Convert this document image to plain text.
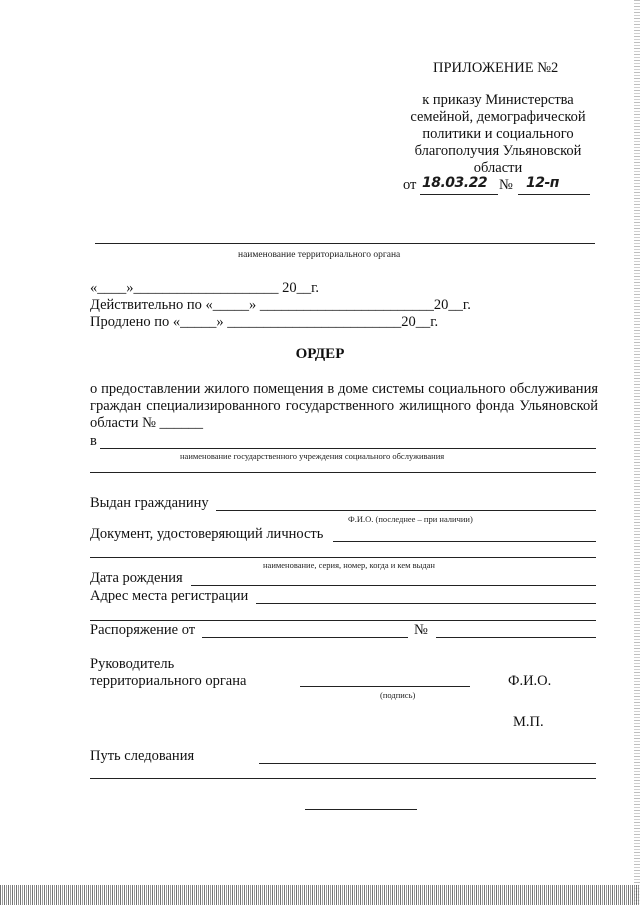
ПРИЛОЖЕНИЕ №2
к приказу Министерства
семейной, демографической
политики и социального
благополучия Ульяновской
области
от 18.03.22 № 12-п
наименование территориального органа
«____»____________________ 20__г.
Действительно по «_____» ________________________20__г.
Продлено по «_____» ________________________20__г.
ОРДЕР
о предоставлении жилого помещения в доме системы социального обслуживания граждан специализированного государственного жилищного фонда Ульяновской области № ______
в
наименование государственного учреждения социального обслуживания
Выдан гражданину
Ф.И.О. (последнее – при наличии)
Документ, удостоверяющий личность
наименование, серия, номер, когда и кем выдан
Дата рождения
Адрес места регистрации
Распоряжение от	№
Руководитель
территориального органа
(подпись)
Ф.И.О.
М.П.
Путь следования
